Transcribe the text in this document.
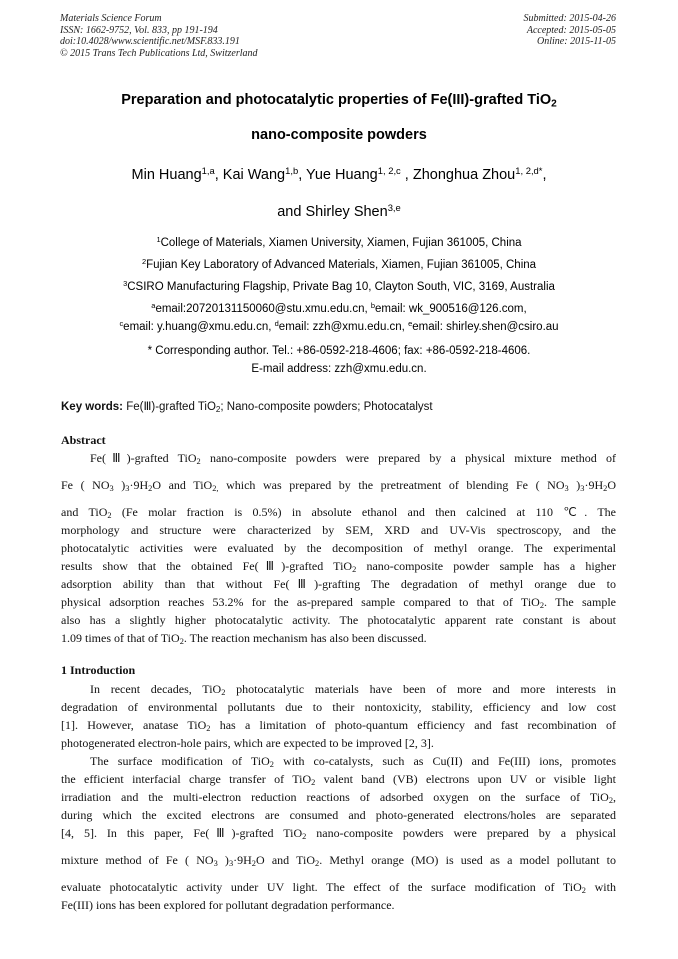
Materials Science Forum
ISSN: 1662-9752, Vol. 833, pp 191-194
doi:10.4028/www.scientific.net/MSF.833.191
© 2015 Trans Tech Publications Ltd, Switzerland
Submitted: 2015-04-26
Accepted: 2015-05-05
Online: 2015-11-05
Preparation and photocatalytic properties of Fe(III)-grafted TiO$_2$
nano-composite powders
Min Huang$^{1,a}$, Kai Wang$^{1,b}$, Yue Huang$^{1, 2,c}$ , Zhonghua Zhou$^{1, 2,d*}$,
and Shirley Shen$^{3,e}$
$^1$College of Materials, Xiamen University, Xiamen, Fujian 361005, China
$^2$Fujian Key Laboratory of Advanced Materials, Xiamen, Fujian 361005, China
$^3$CSIRO Manufacturing Flagship, Private Bag 10, Clayton South, VIC, 3169, Australia
$^a$email:20720131150060@stu.xmu.edu.cn, $^b$email: wk_900516@126.com,
$^c$email: y.huang@xmu.edu.cn, $^d$email: zzh@xmu.edu.cn, $^e$email: shirley.shen@csiro.au
* Corresponding author. Tel.: +86-0592-218-4606; fax: +86-0592-218-4606.
E-mail address: zzh@xmu.edu.cn.
Key words: Fe(Ⅲ)-grafted TiO$_2$; Nano-composite powders; Photocatalyst
Abstract
Fe(Ⅲ)-grafted TiO$_2$ nano-composite powders were prepared by a physical mixture method of
Fe ( $NO_3$ )$_3\cdot 9H_2O$ and TiO$_{2,}$ which was prepared by the pretreatment of blending Fe ( $NO_3$ )$_3\cdot 9H_2O$
and TiO$_2$ (Fe molar fraction is 0.5%) in absolute ethanol and then calcined at 110 ℃. The
morphology and structure were characterized by SEM, XRD and UV-Vis spectroscopy, and the
photocatalytic activities were evaluated by the decomposition of methyl orange. The experimental
results show that the obtained Fe(Ⅲ)-grafted TiO$_2$ nano-composite powder sample has a higher
adsorption ability than that without Fe(Ⅲ)-grafting The degradation of methyl orange due to
physical adsorption reaches 53.2% for the as-prepared sample compared to that of TiO$_2$. The sample
also has a slightly higher photocatalytic activity. The photocatalytic apparent rate constant is about
1.09 times of that of TiO$_2$. The reaction mechanism has also been discussed.
1 Introduction
In recent decades, TiO$_2$ photocatalytic materials have been of more and more interests in
degradation of environmental pollutants due to their nontoxicity, stability, efficiency and low cost
[1]. However, anatase TiO$_2$ has a limitation of photo-quantum efficiency and fast recombination of
photogenerated electron-hole pairs, which are expected to be improved [2, 3].
The surface modification of TiO$_2$ with co-catalysts, such as Cu(II) and Fe(III) ions, promotes
the efficient interfacial charge transfer of TiO$_2$ valent band (VB) electrons upon UV or visible light
irradiation and the multi-electron reduction reactions of adsorbed oxygen on the surface of TiO$_2$,
during which the excited electrons are consumed and photo-generated electrons/holes are separated
[4, 5]. In this paper, Fe(Ⅲ)-grafted TiO$_2$ nano-composite powders were prepared by a physical
mixture method of Fe ( $NO_3$ )$_3\cdot 9H_2O$ and TiO$_2$. Methyl orange (MO) is used as a model pollutant to
evaluate photocatalytic activity under UV light. The effect of the surface modification of TiO$_2$ with
Fe(III) ions has been explored for pollutant degradation performance.
